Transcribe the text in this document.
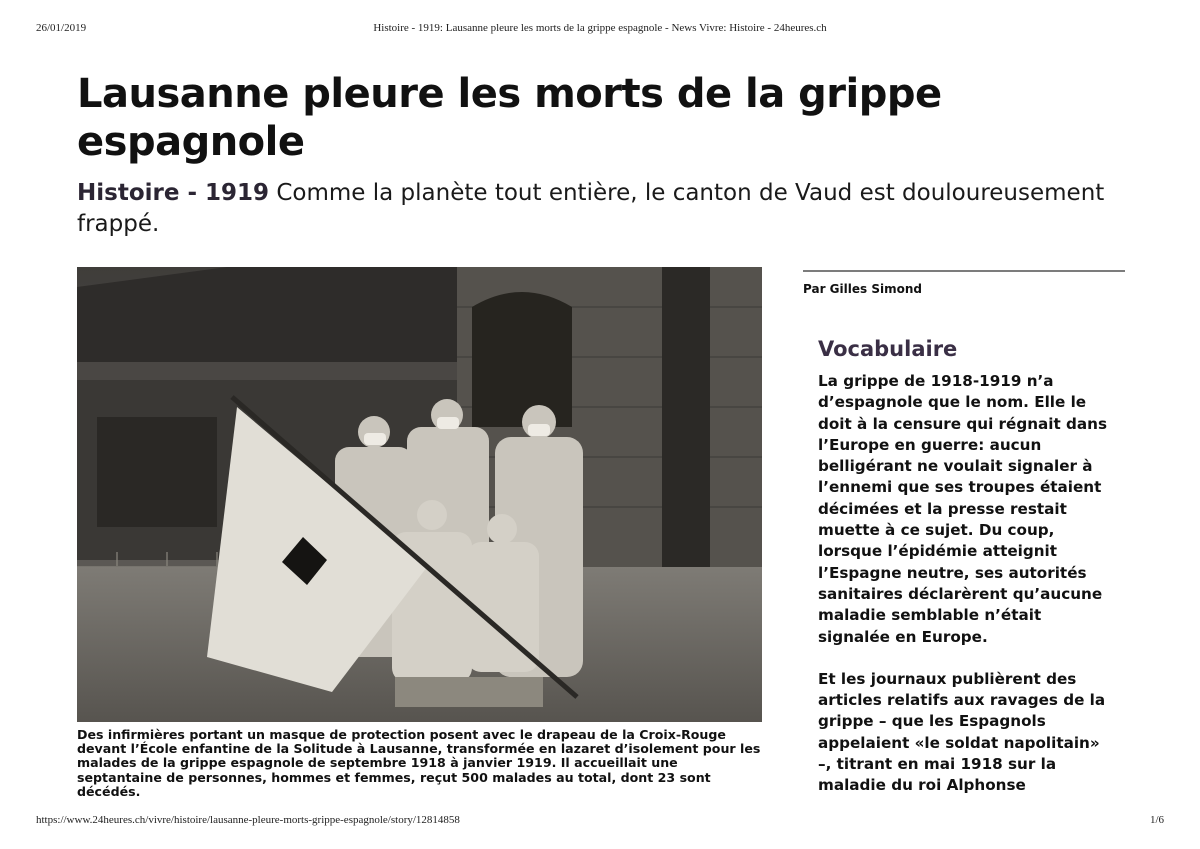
26/01/2019	Histoire - 1919: Lausanne pleure les morts de la grippe espagnole - News Vivre: Histoire - 24heures.ch
Lausanne pleure les morts de la grippe espagnole

Histoire - 1919 Comme la planète tout entière, le canton de Vaud est douloureusement frappé.

Des infirmières portant un masque de protection posent avec le drapeau de la Croix-Rouge devant l’École enfantine de la Solitude à Lausanne, transformée en lazaret d’isolement pour les malades de la grippe espagnole de septembre 1918 à janvier 1919. Il accueillait une septantaine de personnes, hommes et femmes, reçut 500 malades au total, dont 23 sont décédés.

Par Gilles Simond
Vocabulaire

La grippe de 1918-1919 n’a d’espagnole que le nom. Elle le doit à la censure qui régnait dans l’Europe en guerre: aucun belligérant ne voulait signaler à l’ennemi que ses troupes étaient décimées et la presse restait muette à ce sujet. Du coup, lorsque l’épidémie atteignit l’Espagne neutre, ses autorités sanitaires déclarèrent qu’aucune maladie semblable n’était signalée en Europe.

Et les journaux publièrent des articles relatifs aux ravages de la grippe – que les Espagnols appelaient «le soldat napolitain» –, titrant en mai 1918 sur la maladie du roi Alphonse

https://www.24heures.ch/vivre/histoire/lausanne-pleure-morts-grippe-espagnole/story/12814858	1/6
